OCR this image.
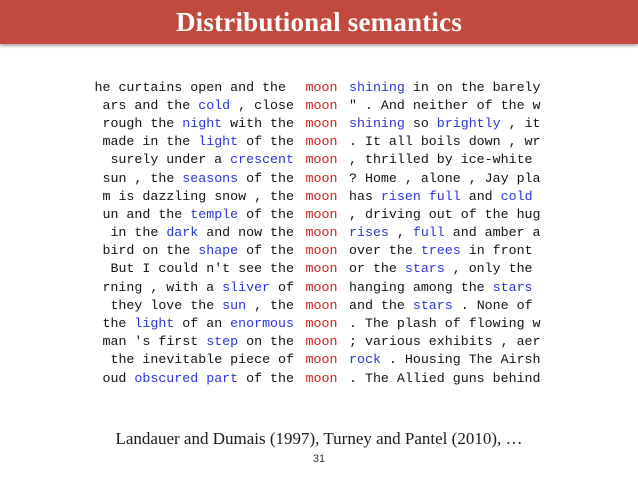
Distributional semantics
he curtains open and the moon shining in on the barely
ars and the cold , close moon " . And neither of the w
rough the night with the moon shining so brightly , it
made in the light of the moon . It all boils down , wr
surely under a crescent moon , thrilled by ice-white
sun , the seasons of the moon ? Home , alone , Jay pla
m is dazzling snow , the moon has risen full and cold
un and the temple of the moon , driving out of the hug
in the dark and now the moon rises , full and amber a
bird on the shape of the moon over the trees in front
But I could n't see the moon or the stars , only the
rning , with a sliver of moon hanging among the stars
they love the sun , the moon and the stars . None of
the light of an enormous moon . The plash of flowing w
man 's first step on the moon ; various exhibits , aer
the inevitable piece of moon rock . Housing The Airsh
oud obscured part of the moon . The Allied guns behind
Landauer and Dumais (1997), Turney and Pantel (2010), …
31
